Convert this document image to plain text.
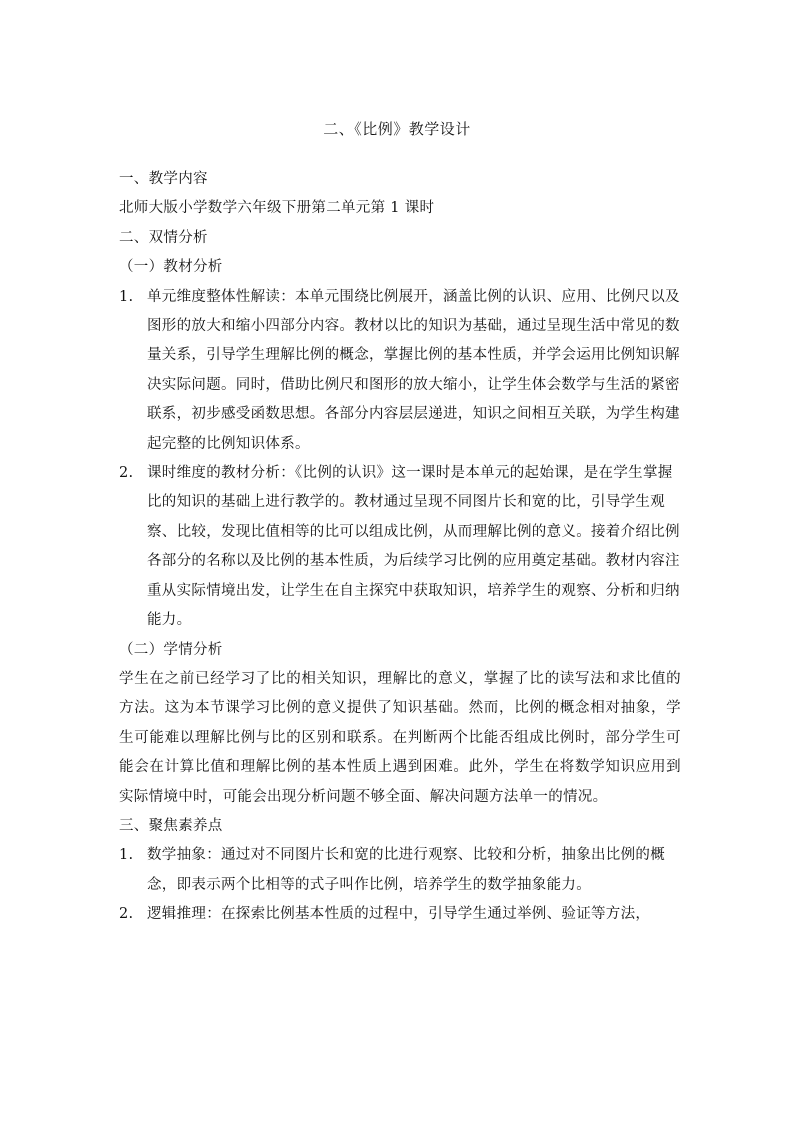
二、《比例》教学设计

一、教学内容

北师大版小学数学六年级下册第二单元第 1 课时

二、双情分析

（一）教材分析

1. 单元维度整体性解读：本单元围绕比例展开，涵盖比例的认识、应用、比例尺以及图形的放大和缩小四部分内容。教材以比的知识为基础，通过呈现生活中常见的数量关系，引导学生理解比例的概念，掌握比例的基本性质，并学会运用比例知识解决实际问题。同时，借助比例尺和图形的放大缩小，让学生体会数学与生活的紧密联系，初步感受函数思想。各部分内容层层递进，知识之间相互关联，为学生构建起完整的比例知识体系。
2. 课时维度的教材分析：《比例的认识》这一课时是本单元的起始课，是在学生掌握比的知识的基础上进行教学的。教材通过呈现不同图片长和宽的比，引导学生观察、比较，发现比值相等的比可以组成比例，从而理解比例的意义。接着介绍比例各部分的名称以及比例的基本性质，为后续学习比例的应用奠定基础。教材内容注重从实际情境出发，让学生在自主探究中获取知识，培养学生的观察、分析和归纳能力。

（二）学情分析

学生在之前已经学习了比的相关知识，理解比的意义，掌握了比的读写法和求比值的方法。这为本节课学习比例的意义提供了知识基础。然而，比例的概念相对抽象，学生可能难以理解比例与比的区别和联系。在判断两个比能否组成比例时，部分学生可能会在计算比值和理解比例的基本性质上遇到困难。此外，学生在将数学知识应用到实际情境中时，可能会出现分析问题不够全面、解决问题方法单一的情况。

三、聚焦素养点

1. 数学抽象：通过对不同图片长和宽的比进行观察、比较和分析，抽象出比例的概念，即表示两个比相等的式子叫作比例，培养学生的数学抽象能力。
2. 逻辑推理：在探索比例基本性质的过程中，引导学生通过举例、验证等方法，
